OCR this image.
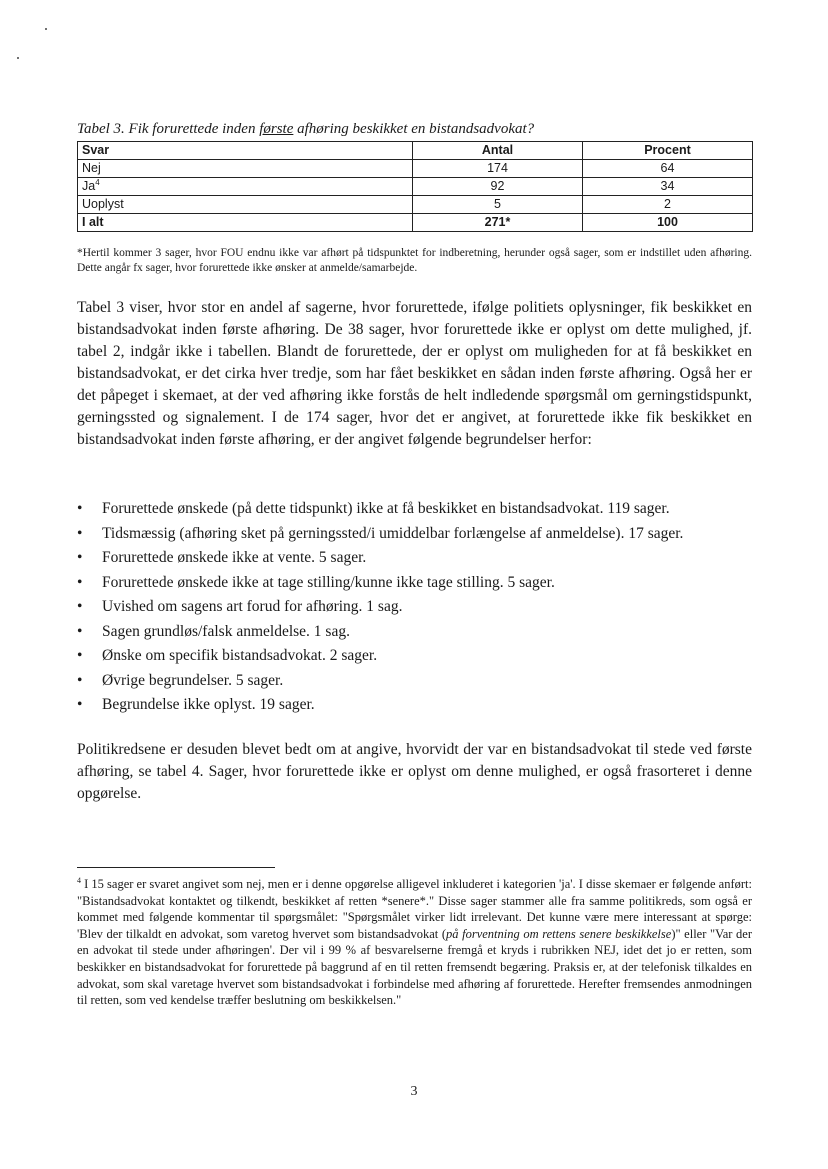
Tabel 3. Fik forurettede inden første afhøring beskikket en bistandsadvokat?
Svar	Antal	Procent
Nej	174	64
Ja$^4$	92	34
Uoplyst	5	2
I alt	271*	100
*Hertil kommer 3 sager, hvor FOU endnu ikke var afhørt på tidspunktet for indberetning, herunder også sager, som er indstillet uden afhøring. Dette angår fx sager, hvor forurettede ikke ønsker at anmelde/samarbejde.
Tabel 3 viser, hvor stor en andel af sagerne, hvor forurettede, ifølge politiets oplysninger, fik beskikket en bistandsadvokat inden første afhøring. De 38 sager, hvor forurettede ikke er oplyst om dette mulighed, jf. tabel 2, indgår ikke i tabellen. Blandt de forurettede, der er oplyst om muligheden for at få beskikket en bistandsadvokat, er det cirka hver tredje, som har fået beskikket en sådan inden første afhøring. Også her er det påpeget i skemaet, at der ved afhøring ikke forstås de helt indledende spørgsmål om gerningstidspunkt, gerningssted og signalement. I de 174 sager, hvor det er angivet, at forurettede ikke fik beskikket en bistandsadvokat inden første afhøring, er der angivet følgende begrundelser herfor:
• Forurettede ønskede (på dette tidspunkt) ikke at få beskikket en bistandsadvokat. 119 sager.
• Tidsmæssig (afhøring sket på gerningssted/i umiddelbar forlængelse af anmeldelse). 17 sager.
• Forurettede ønskede ikke at vente. 5 sager.
• Forurettede ønskede ikke at tage stilling/kunne ikke tage stilling. 5 sager.
• Uvished om sagens art forud for afhøring. 1 sag.
• Sagen grundløs/falsk anmeldelse. 1 sag.
• Ønske om specifik bistandsadvokat. 2 sager.
• Øvrige begrundelser. 5 sager.
• Begrundelse ikke oplyst. 19 sager.
Politikredsene er desuden blevet bedt om at angive, hvorvidt der var en bistandsadvokat til stede ved første afhøring, se tabel 4. Sager, hvor forurettede ikke er oplyst om denne mulighed, er også frasorteret i denne opgørelse.
$^4$ I 15 sager er svaret angivet som nej, men er i denne opgørelse alligevel inkluderet i kategorien 'ja'. I disse skemaer er følgende anført: "Bistandsadvokat kontaktet og tilkendt, beskikket af retten *senere*." Disse sager stammer alle fra samme politikreds, som også er kommet med følgende kommentar til spørgsmålet: "Spørgsmålet virker lidt irrelevant. Det kunne være mere interessant at spørge: 'Blev der tilkaldt en advokat, som varetog hvervet som bistandsadvokat (på forventning om rettens senere beskikkelse)" eller "Var der en advokat til stede under afhøringen'. Der vil i 99 % af besvarelserne fremgå et kryds i rubrikken NEJ, idet det jo er retten, som beskikker en bistandsadvokat for forurettede på baggrund af en til retten fremsendt begæring. Praksis er, at der telefonisk tilkaldes en advokat, som skal varetage hvervet som bistandsadvokat i forbindelse med afhøring af forurettede. Herefter fremsendes anmodningen til retten, som ved kendelse træffer beslutning om beskikkelsen."
3
